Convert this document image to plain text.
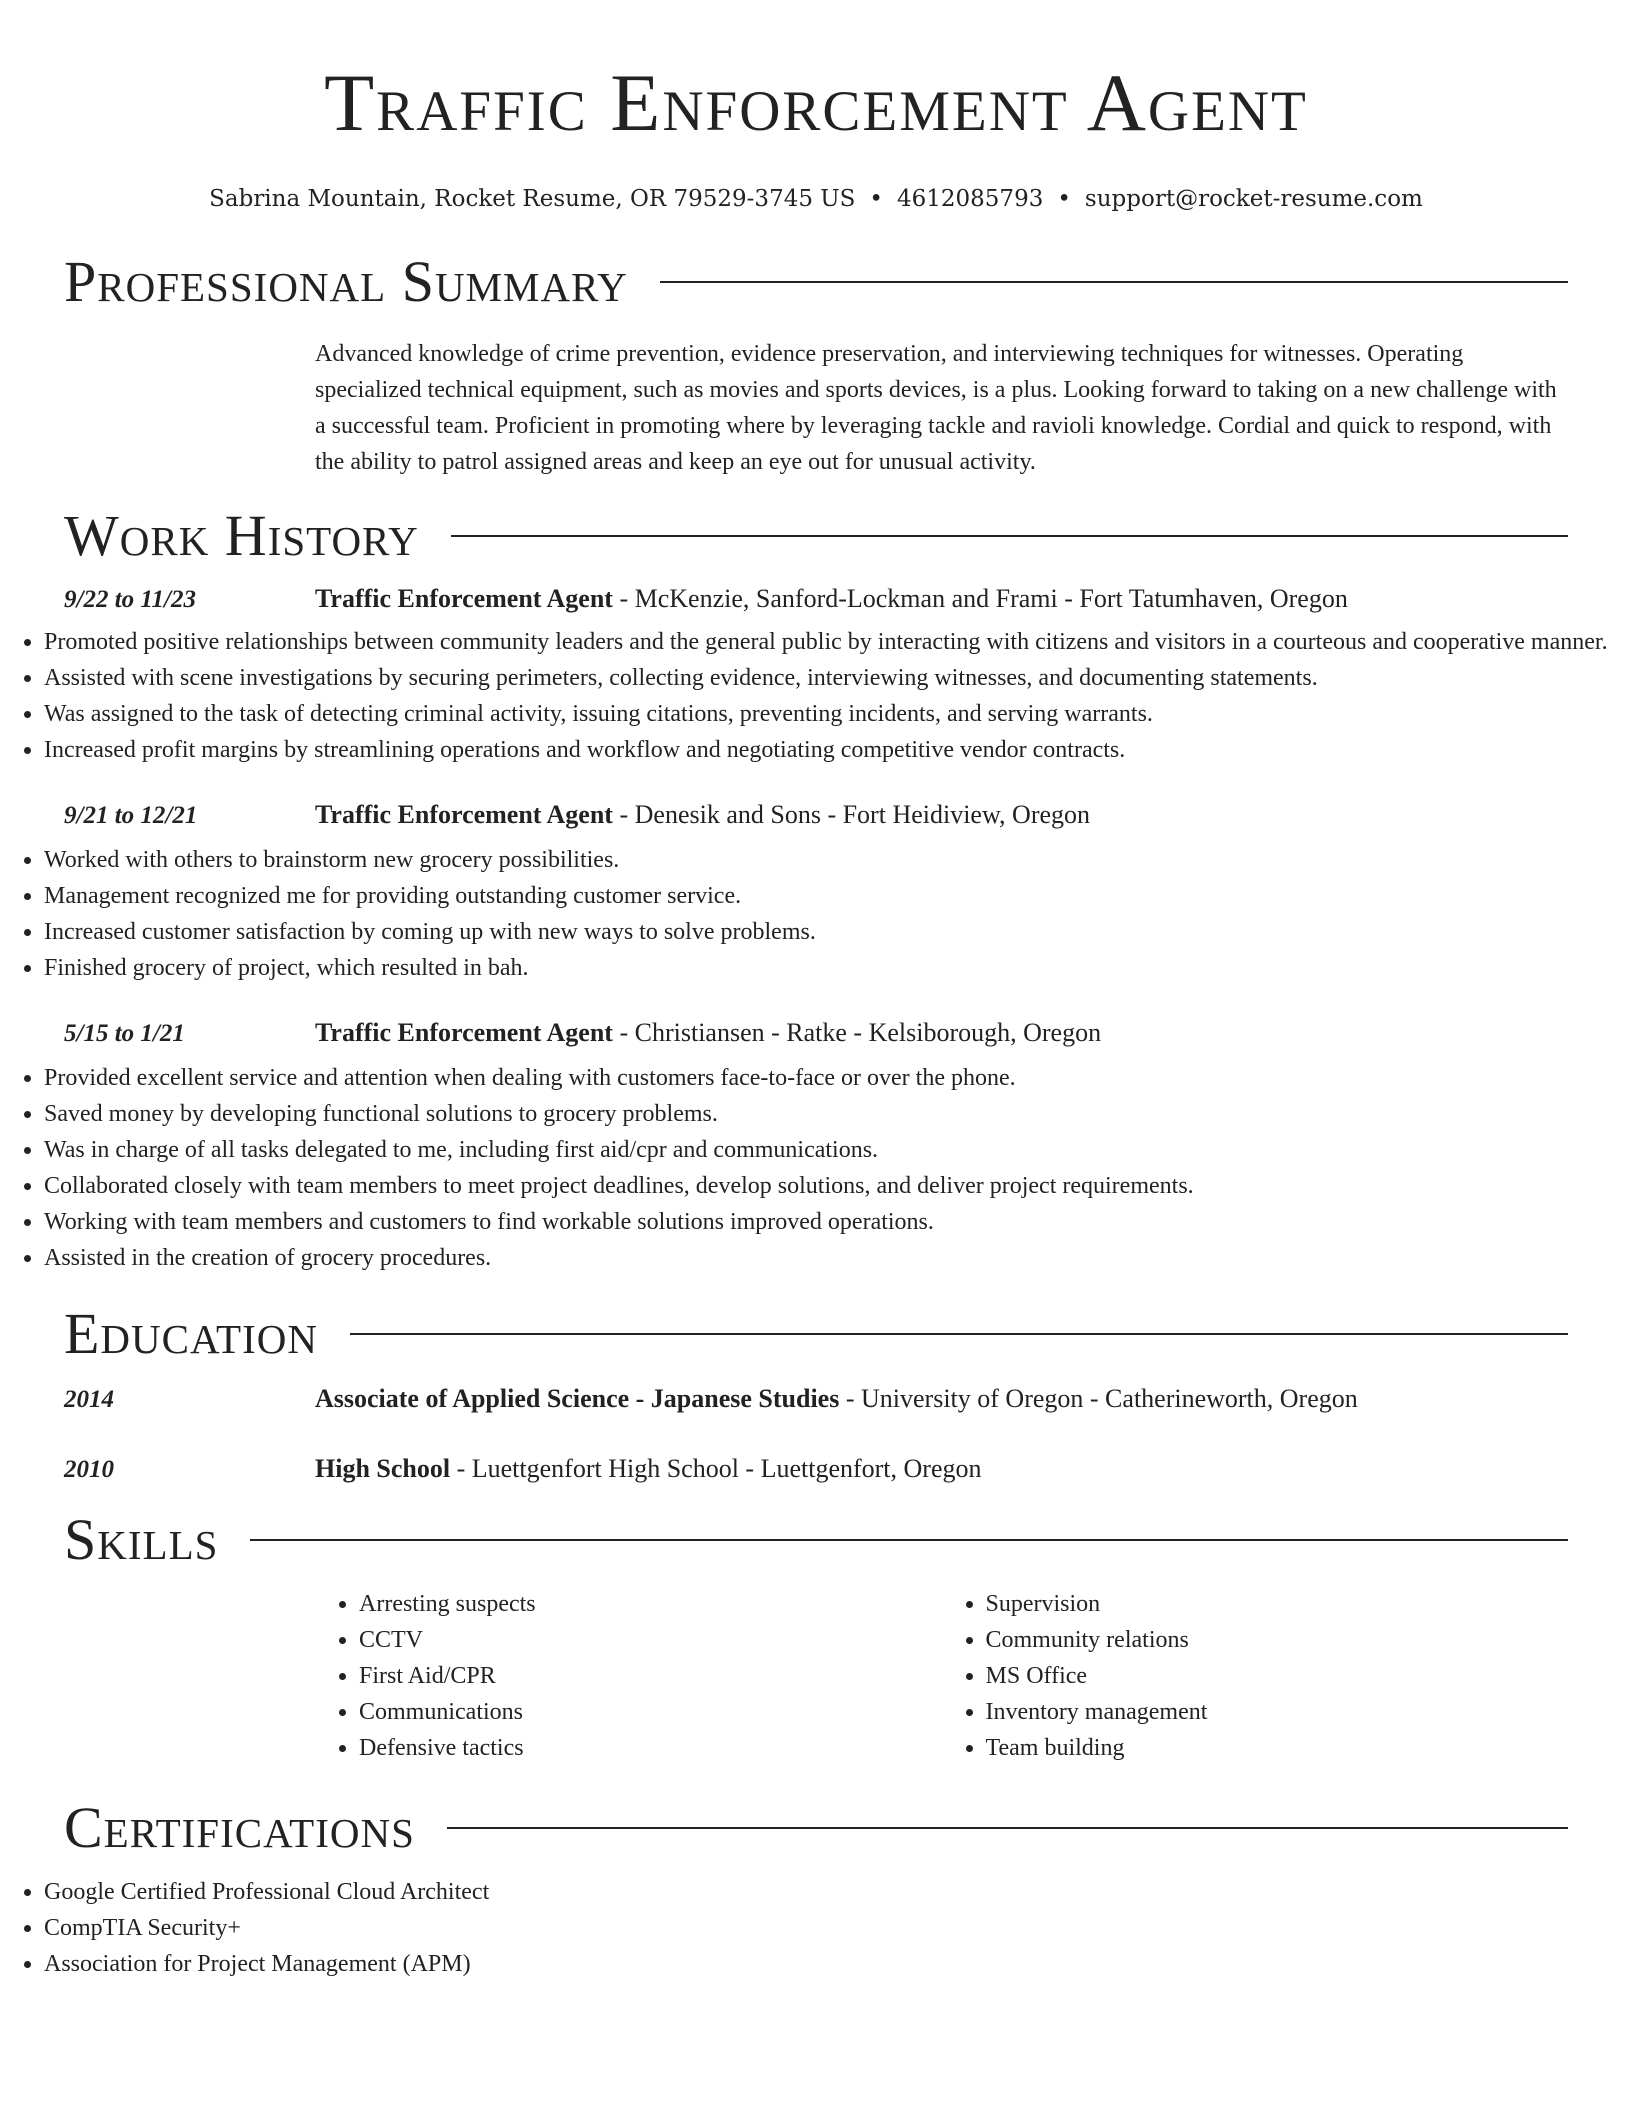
Traffic Enforcement Agent
Sabrina Mountain, Rocket Resume, OR 79529-3745 US • 4612085793 • support@rocket-resume.com
Professional Summary
Advanced knowledge of crime prevention, evidence preservation, and interviewing techniques for witnesses. Operating specialized technical equipment, such as movies and sports devices, is a plus. Looking forward to taking on a new challenge with a successful team. Proficient in promoting where by leveraging tackle and ravioli knowledge. Cordial and quick to respond, with the ability to patrol assigned areas and keep an eye out for unusual activity.
Work History
9/22 to 11/23	Traffic Enforcement Agent - McKenzie, Sanford-Lockman and Frami - Fort Tatumhaven, Oregon
• Promoted positive relationships between community leaders and the general public by interacting with citizens and visitors in a courteous and cooperative manner.
• Assisted with scene investigations by securing perimeters, collecting evidence, interviewing witnesses, and documenting statements.
• Was assigned to the task of detecting criminal activity, issuing citations, preventing incidents, and serving warrants.
• Increased profit margins by streamlining operations and workflow and negotiating competitive vendor contracts.
9/21 to 12/21	Traffic Enforcement Agent - Denesik and Sons - Fort Heidiview, Oregon
• Worked with others to brainstorm new grocery possibilities.
• Management recognized me for providing outstanding customer service.
• Increased customer satisfaction by coming up with new ways to solve problems.
• Finished grocery of project, which resulted in bah.
5/15 to 1/21	Traffic Enforcement Agent - Christiansen - Ratke - Kelsiborough, Oregon
• Provided excellent service and attention when dealing with customers face-to-face or over the phone.
• Saved money by developing functional solutions to grocery problems.
• Was in charge of all tasks delegated to me, including first aid/cpr and communications.
• Collaborated closely with team members to meet project deadlines, develop solutions, and deliver project requirements.
• Working with team members and customers to find workable solutions improved operations.
• Assisted in the creation of grocery procedures.
Education
2014	Associate of Applied Science - Japanese Studies - University of Oregon - Catherineworth, Oregon
2010	High School - Luettgenfort High School - Luettgenfort, Oregon
Skills
• Arresting suspects
• CCTV
• First Aid/CPR
• Communications
• Defensive tactics
• Supervision
• Community relations
• MS Office
• Inventory management
• Team building
Certifications
• Google Certified Professional Cloud Architect
• CompTIA Security+
• Association for Project Management (APM)
